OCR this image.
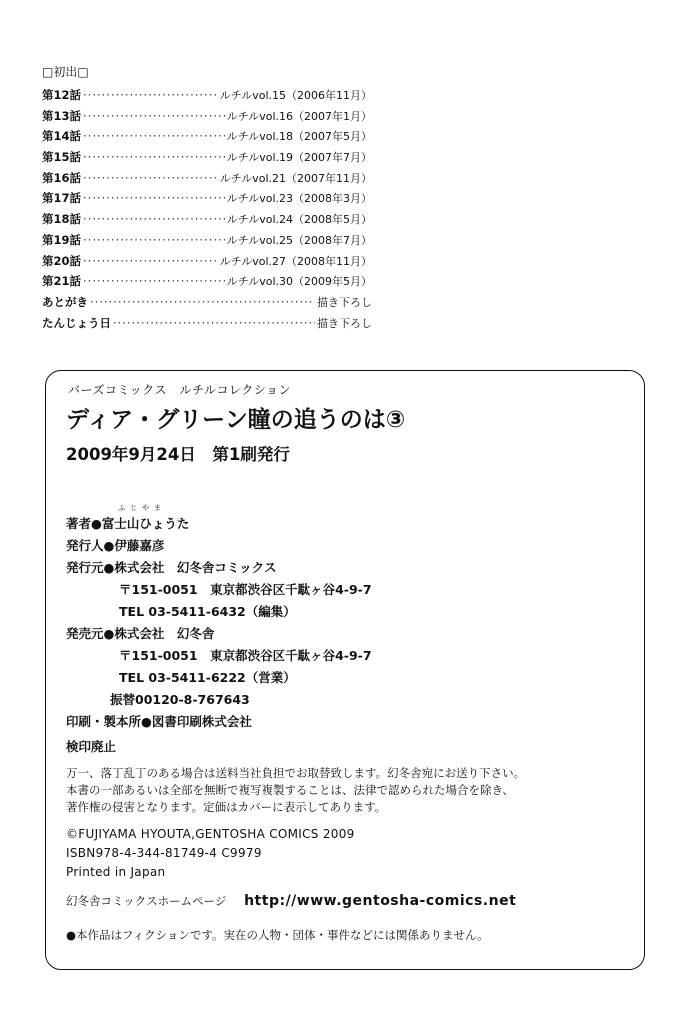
□初出□
第12話 ·····	ルチルvol.15（2006年11月）
第13話 ·····	ルチルvol.16（2007年1月）
第14話 ·····	ルチルvol.18（2007年5月）
第15話 ·····	ルチルvol.19（2007年7月）
第16話 ·····	ルチルvol.21（2007年11月）
第17話 ·····	ルチルvol.23（2008年3月）
第18話 ·····	ルチルvol.24（2008年5月）
第19話 ·····	ルチルvol.25（2008年7月）
第20話 ·····	ルチルvol.27（2008年11月）
第21話 ·····	ルチルvol.30（2009年5月）
あとがき ·····	描き下ろし
たんじょう日 ·····	描き下ろし
バーズコミックス　ルチルコレクション
ディア・グリーン瞳の追うのは③
2009年9月24日　第1刷発行
ふじやま
著者●富士山ひょうた
発行人●伊藤嘉彦
発行元●株式会社　幻冬舎コミックス
〒151-0051　東京都渋谷区千駄ヶ谷4-9-7
TEL 03-5411-6432（編集）
発売元●株式会社　幻冬舎
〒151-0051　東京都渋谷区千駄ヶ谷4-9-7
TEL 03-5411-6222（営業）
振替00120-8-767643
印刷・製本所●図書印刷株式会社
検印廃止
万一、落丁乱丁のある場合は送料当社負担でお取替致します。幻冬舎宛にお送り下さい。
本書の一部あるいは全部を無断で複写複製することは、法律で認められた場合を除き、
著作権の侵害となります。定価はカバーに表示してあります。
©FUJIYAMA HYOUTA,GENTOSHA COMICS 2009
ISBN978-4-344-81749-4 C9979
Printed in Japan
幻冬舎コミックスホームページ http://www.gentosha-comics.net
●本作品はフィクションです。実在の人物・団体・事件などには関係ありません。
